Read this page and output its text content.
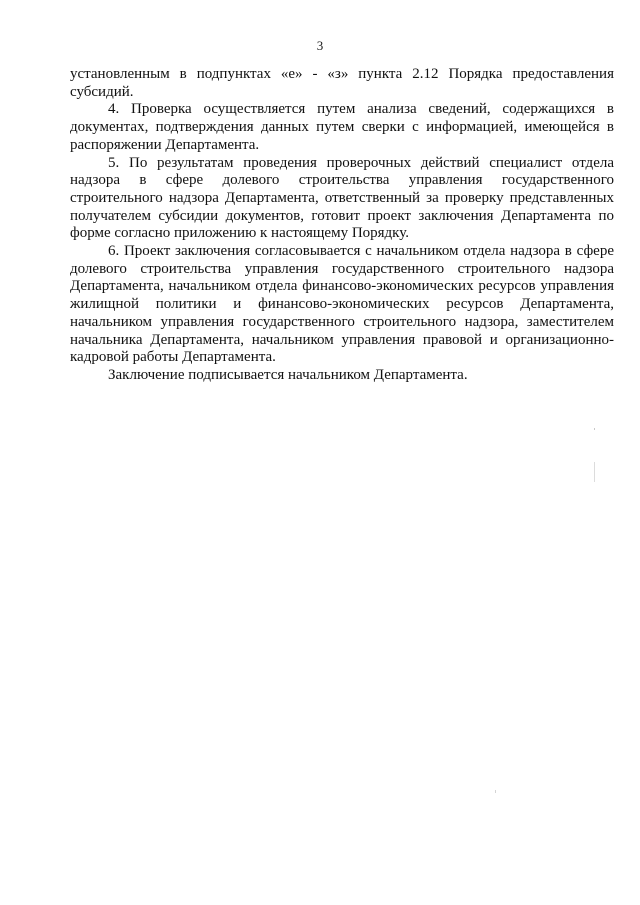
3

установленным в подпунктах «е» - «з» пункта 2.12 Порядка предоставления субсидий.

4. Проверка осуществляется путем анализа сведений, содержащихся в документах, подтверждения данных путем сверки с информацией, имеющейся в распоряжении Департамента.

5. По результатам проведения проверочных действий специалист отдела надзора в сфере долевого строительства управления государственного строительного надзора Департамента, ответственный за проверку представленных получателем субсидии документов, готовит проект заключения Департамента по форме согласно приложению к настоящему Порядку.

6. Проект заключения согласовывается с начальником отдела надзора в сфере долевого строительства управления государственного строительного надзора Департамента, начальником отдела финансово-экономических ресурсов управления жилищной политики и финансово-экономических ресурсов Департамента, начальником управления государственного строительного надзора, заместителем начальника Департамента, начальником управления правовой и организационно-кадровой работы Департамента.

Заключение подписывается начальником Департамента.
